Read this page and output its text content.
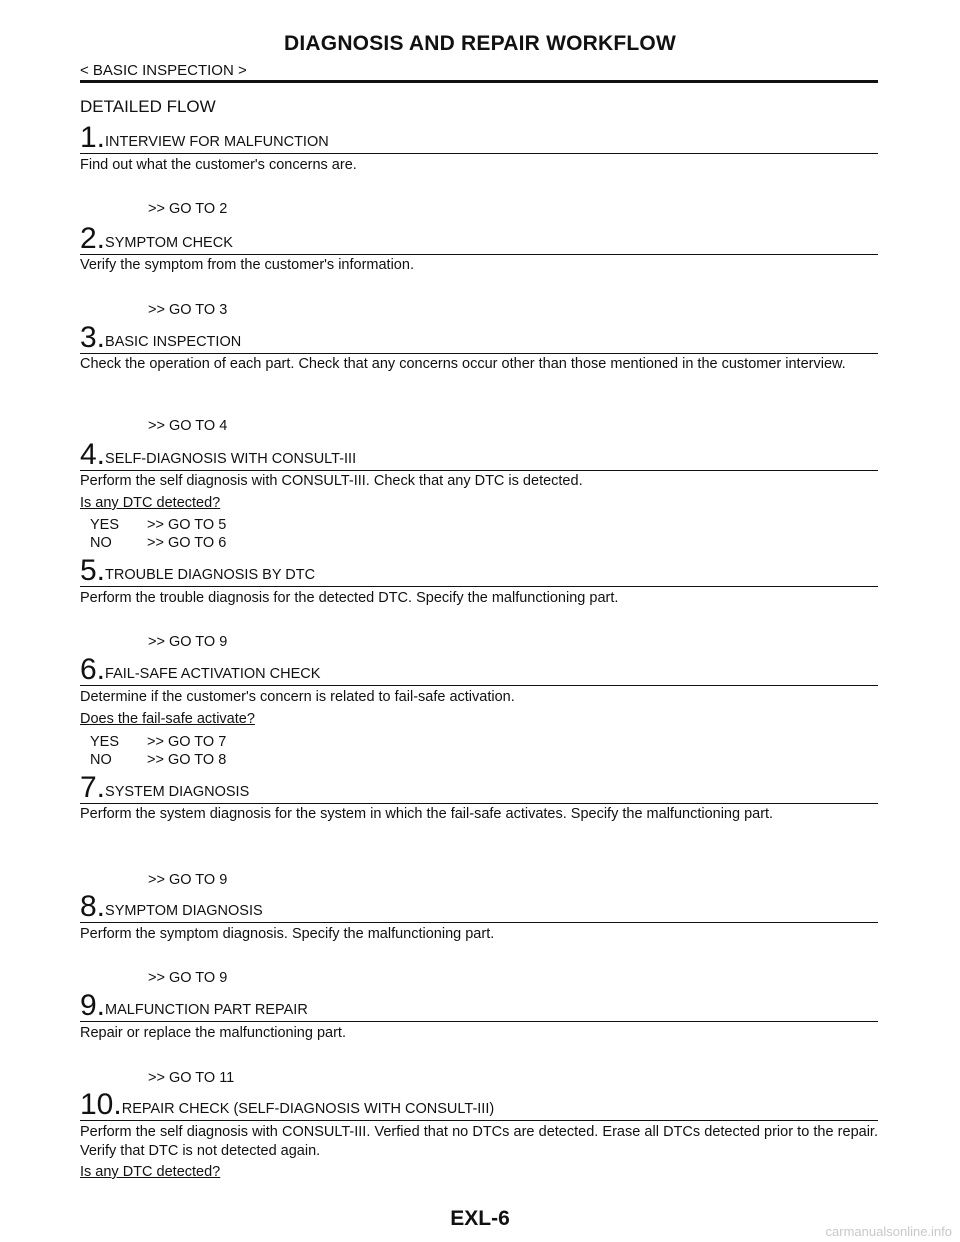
DIAGNOSIS AND REPAIR WORKFLOW
< BASIC INSPECTION >
DETAILED FLOW
1. INTERVIEW FOR MALFUNCTION
Find out what the customer's concerns are.
>> GO TO 2
2. SYMPTOM CHECK
Verify the symptom from the customer's information.
>> GO TO 3
3. BASIC INSPECTION
Check the operation of each part. Check that any concerns occur other than those mentioned in the customer interview.
>> GO TO 4
4. SELF-DIAGNOSIS WITH CONSULT-III
Perform the self diagnosis with CONSULT-III. Check that any DTC is detected.
Is any DTC detected?
YES	>> GO TO 5
NO	>> GO TO 6
5. TROUBLE DIAGNOSIS BY DTC
Perform the trouble diagnosis for the detected DTC. Specify the malfunctioning part.
>> GO TO 9
6. FAIL-SAFE ACTIVATION CHECK
Determine if the customer's concern is related to fail-safe activation.
Does the fail-safe activate?
YES	>> GO TO 7
NO	>> GO TO 8
7. SYSTEM DIAGNOSIS
Perform the system diagnosis for the system in which the fail-safe activates. Specify the malfunctioning part.
>> GO TO 9
8. SYMPTOM DIAGNOSIS
Perform the symptom diagnosis. Specify the malfunctioning part.
>> GO TO 9
9. MALFUNCTION PART REPAIR
Repair or replace the malfunctioning part.
>> GO TO 11
10. REPAIR CHECK (SELF-DIAGNOSIS WITH CONSULT-III)
Perform the self diagnosis with CONSULT-III. Verfied that no DTCs are detected. Erase all DTCs detected prior to the repair. Verify that DTC is not detected again.
Is any DTC detected?
EXL-6
carmanualsonline.info
